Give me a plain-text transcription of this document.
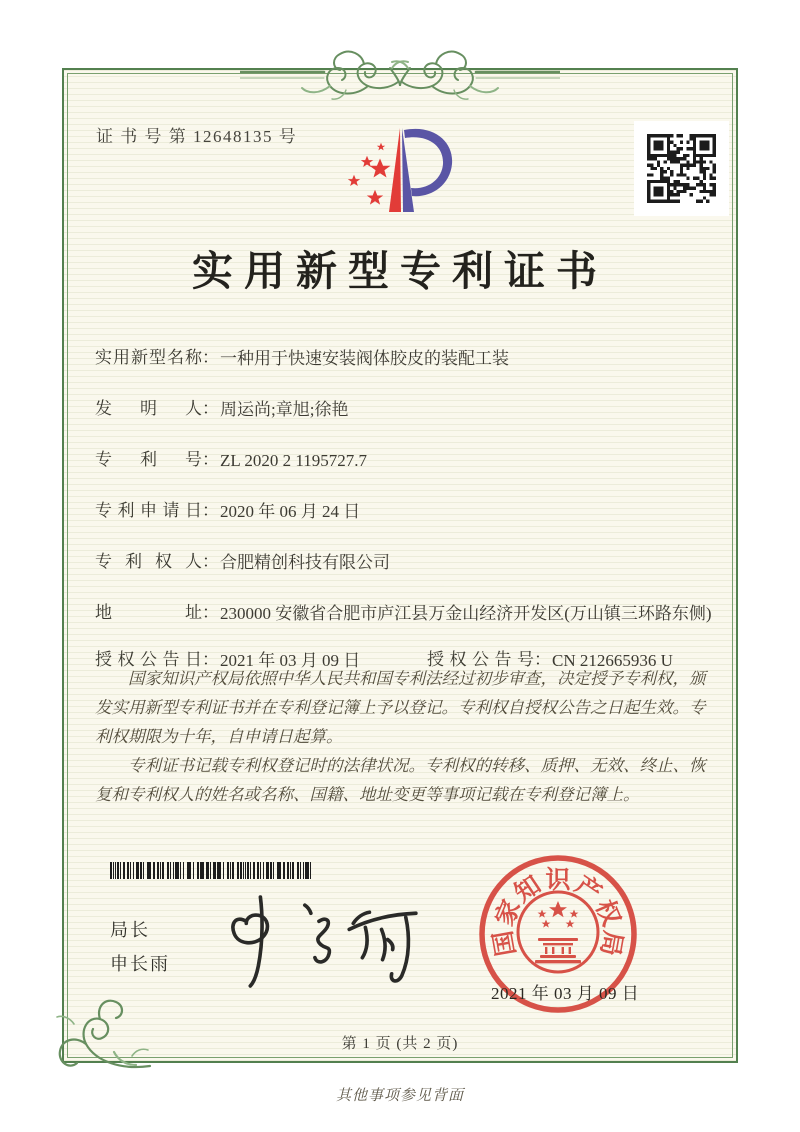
证 书 号 第 12648135 号
实用新型专利证书
实用新型名称 ： 一种用于快速安装阀体胶皮的装配工装
发明人 ： 周运尚;章旭;徐艳
专利号 ： ZL 2020 2 1195727.7
专利申请日 ： 2020 年 06 月 24 日
专利权人 ： 合肥精创科技有限公司
地址 ： 230000 安徽省合肥市庐江县万金山经济开发区(万山镇三环路东侧)
授权公告日 ： 2021 年 03 月 09 日	授权公告号 ： CN 212665936 U

国家知识产权局依照中华人民共和国专利法经过初步审查，决定授予专利权，颁发实用新型专利证书并在专利登记簿上予以登记。专利权自授权公告之日起生效。专利权期限为十年，自申请日起算。

专利证书记载专利权登记时的法律状况。专利权的转移、质押、无效、终止、恢复和专利权人的姓名或名称、国籍、地址变更等事项记载在专利登记簿上。

局长
申长雨
国
家
知 识 产
权
局
2021 年 03 月 09 日
第 1 页 (共 2 页)
其他事项参见背面
